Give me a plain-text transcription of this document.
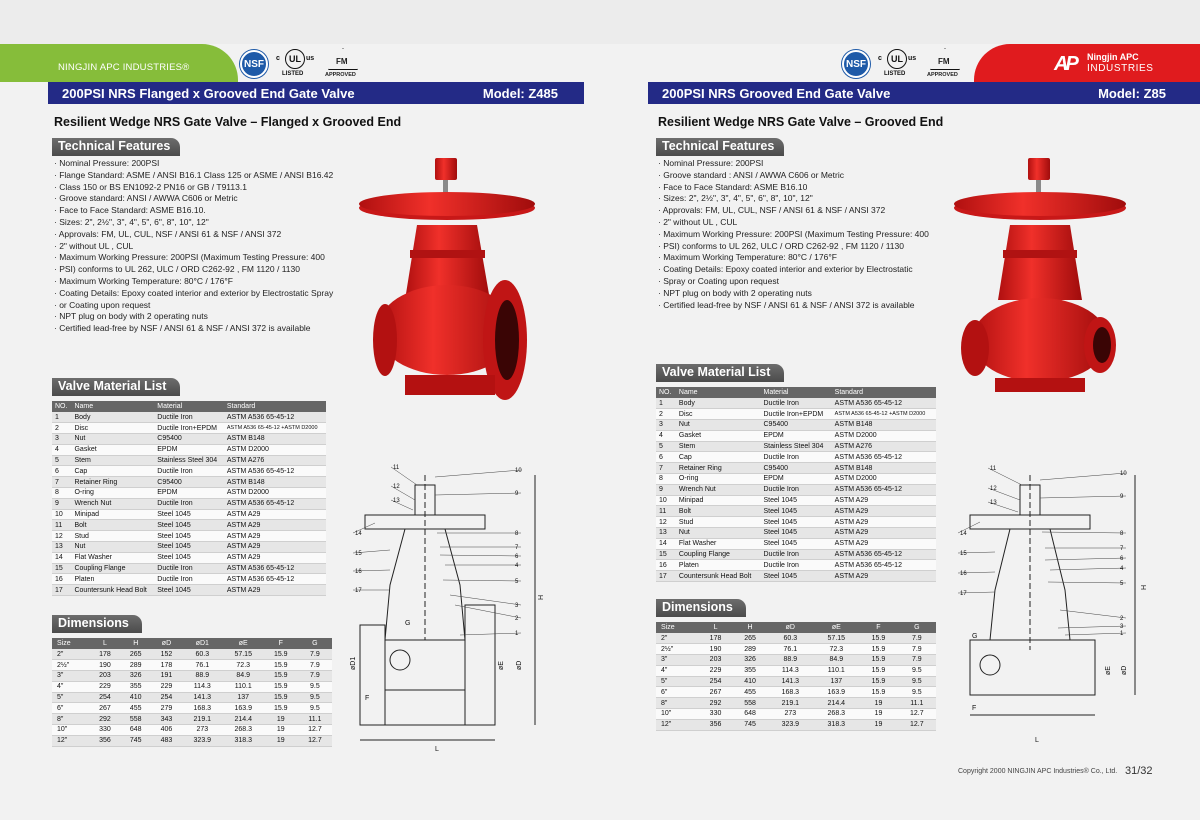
NINGJIN APC INDUSTRIES®	AP	Ningjin APC
INDUSTRIES
NSF	c	UL us
LISTED
FM
APPROVED
NSF	c	UL us
LISTED
FM
APPROVED
200PSI NRS Flanged x Grooved End Gate Valve	Model: Z485	200PSI NRS Grooved End Gate Valve	Model: Z85
Resilient Wedge NRS Gate Valve – Flanged x Grooved End
Technical Features
· Nominal Pressure: 200PSI
· Flange Standard: ASME / ANSI B16.1 Class 125 or ASME / ANSI B16.42
· Class 150 or BS EN1092-2 PN16 or GB / T9113.1
· Groove standard: ANSI / AWWA C606 or Metric
· Face to Face Standard: ASME B16.10.
· Sizes: 2", 2½", 3", 4", 5", 6", 8", 10", 12"
· Approvals: FM, UL, CUL, NSF / ANSI 61 & NSF / ANSI 372
· 2" without UL , CUL
· Maximum Working Pressure: 200PSI (Maximum Testing Pressure: 400
· PSI) conforms to UL 262, ULC / ORD C262-92 , FM 1120 / 1130
· Maximum Working Temperature: 80°C / 176°F
· Coating Details: Epoxy coated interior and exterior by Electrostatic Spray
· or Coating upon request
· NPT plug on body with 2 operating nuts
· Certified lead-free by NSF / ANSI 61 & NSF / ANSI 372 is available
Valve Material List
NO.	Name	Material	Standard
1	Body	Ductile Iron	ASTM A536 65-45-12
2	Disc	Ductile Iron+EPDM	ASTM A536 65-45-12 +ASTM D2000
3	Nut	C95400	ASTM B148
4	Gasket	EPDM	ASTM D2000
5	Stem	Stainless Steel 304	ASTM A276
6	Cap	Ductile Iron	ASTM A536 65-45-12
7	Retainer Ring	C95400	ASTM B148
8	O-ring	EPDM	ASTM D2000
9	Wrench Nut	Ductile Iron	ASTM A536 65-45-12
10	Minipad	Steel 1045	ASTM A29
11	Bolt	Steel 1045	ASTM A29
12	Stud	Steel 1045	ASTM A29
13	Nut	Steel 1045	ASTM A29
14	Flat Washer	Steel 1045	ASTM A29
15	Coupling Flange	Ductile Iron	ASTM A536 65-45-12
16	Platen	Ductile Iron	ASTM A536 65-45-12
17	Countersunk Head Bolt	Steel 1045	ASTM A29
Dimensions
Size	L	H	øD	øD1	øE	F	G
2"	178	265	152	60.3	57.15	15.9	7.9
2½"	190	289	178	76.1	72.3	15.9	7.9
3"	203	326	191	88.9	84.9	15.9	7.9
4"	229	355	229	114.3	110.1	15.9	9.5
5"	254	410	254	141.3	137	15.9	9.5
6"	267	455	279	168.3	163.9	15.9	9.5
8"	292	558	343	219.1	214.4	19	11.1
10"	330	648	406	273	268.3	19	12.7
12"	356	745	483	323.9	318.3	19	12.7
1
2
3
4
5
6
7
8
9
10
11
12
13
14
15
16
17
G
F
øD1	øE øD
L
H
Resilient Wedge NRS Gate Valve – Grooved End
Technical Features
· Nominal Pressure: 200PSI
· Groove standard : ANSI / AWWA C606 or Metric
· Face to Face Standard: ASME B16.10
· Sizes: 2", 2½", 3", 4", 5", 6", 8", 10", 12"
· Approvals: FM, UL, CUL, NSF / ANSI 61 & NSF / ANSI 372
· 2" without UL , CUL
· Maximum Working Pressure: 200PSI (Maximum Testing Pressure: 400
· PSI) conforms to UL 262, ULC / ORD C262-92 , FM 1120 / 1130
· Maximum Working Temperature: 80°C / 176°F
· Coating Details: Epoxy coated interior and exterior by Electrostatic
· Spray or Coating upon request
· NPT plug on body with 2 operating nuts
· Certified lead-free by NSF / ANSI 61 & NSF / ANSI 372 is available
Valve Material List
NO.	Name	Material	Standard
1	Body	Ductile Iron	ASTM A536 65-45-12
2	Disc	Ductile Iron+EPDM	ASTM A536 65-45-12 +ASTM D2000
3	Nut	C95400	ASTM B148
4	Gasket	EPDM	ASTM D2000
5	Stem	Stainless Steel 304	ASTM A276
6	Cap	Ductile Iron	ASTM A536 65-45-12
7	Retainer Ring	C95400	ASTM B148
8	O-ring	EPDM	ASTM D2000
9	Wrench Nut	Ductile Iron	ASTM A536 65-45-12
10	Minipad	Steel 1045	ASTM A29
11	Bolt	Steel 1045	ASTM A29
12	Stud	Steel 1045	ASTM A29
13	Nut	Steel 1045	ASTM A29
14	Flat Washer	Steel 1045	ASTM A29
15	Coupling Flange	Ductile Iron	ASTM A536 65-45-12
16	Platen	Ductile Iron	ASTM A536 65-45-12
17	Countersunk Head Bolt	Steel 1045	ASTM A29
Dimensions
Size	L	H	øD	øE	F	G
2"	178	265	60.3	57.15	15.9	7.9
2½"	190	289	76.1	72.3	15.9	7.9
3"	203	326	88.9	84.9	15.9	7.9
4"	229	355	114.3	110.1	15.9	9.5
5"	254	410	141.3	137	15.9	9.5
6"	267	455	168.3	163.9	15.9	9.5
8"	292	558	219.1	214.4	19	11.1
10"	330	648	273	268.3	19	12.7
12"	356	745	323.9	318.3	19	12.7
1
2
3
4
5
6
7
8
9
10
11
12
13
14
15
16
17
G
F
øE øD
L
H
Copyright 2000 NINGJIN APC Industries® Co., Ltd. 31/32
